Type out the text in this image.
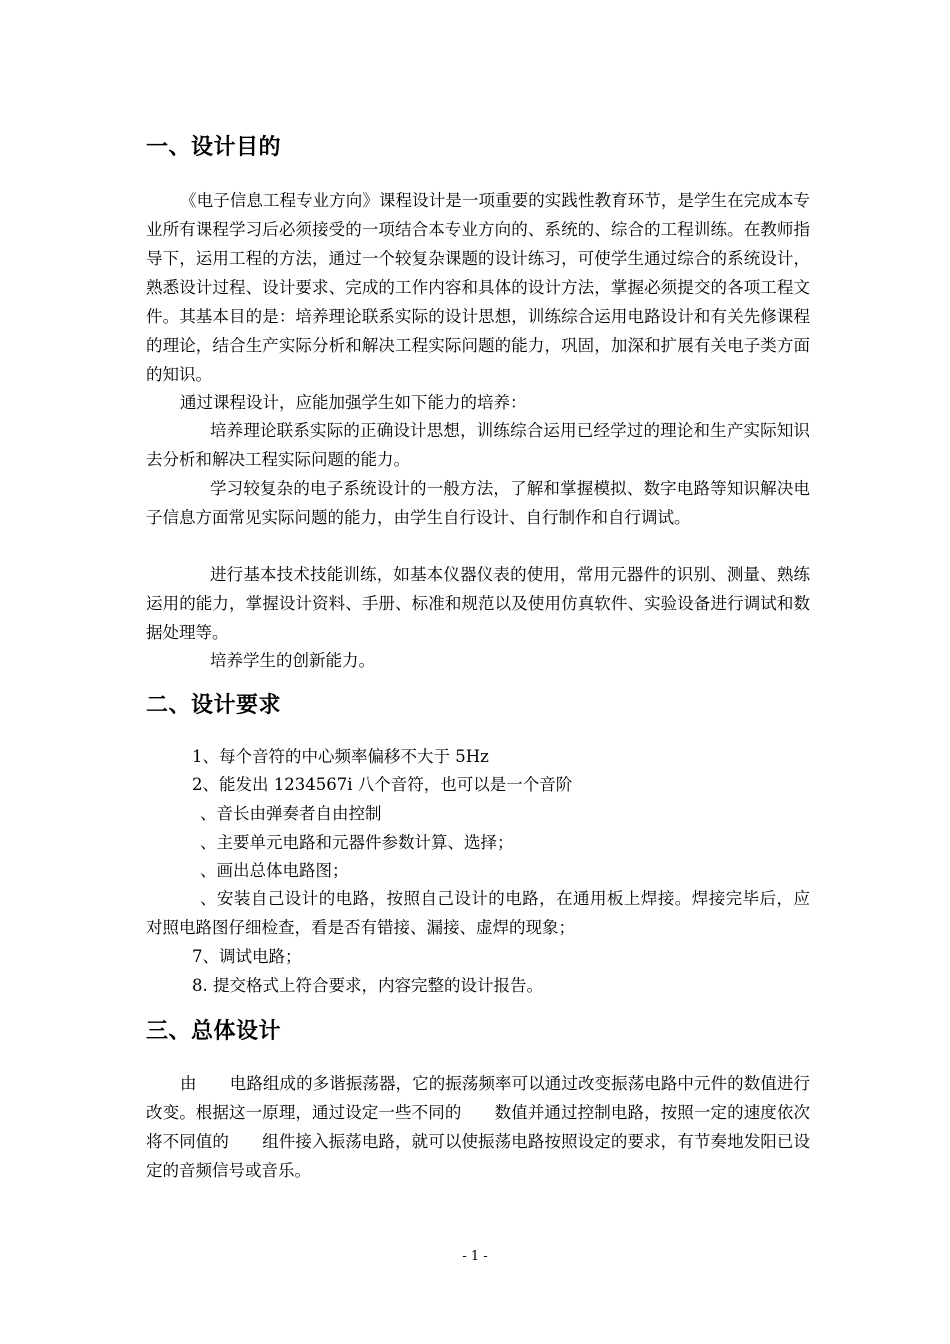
一、设计目的

《电子信息工程专业方向》课程设计是一项重要的实践性教育环节，是学生在完成本专业所有课程学习后必须接受的一项结合本专业方向的、系统的、综合的工程训练。在教师指导下，运用工程的方法，通过一个较复杂课题的设计练习，可使学生通过综合的系统设计，熟悉设计过程、设计要求、完成的工作内容和具体的设计方法，掌握必须提交的各项工程文件。其基本目的是：培养理论联系实际的设计思想，训练综合运用电路设计和有关先修课程的理论，结合生产实际分析和解决工程实际问题的能力，巩固，加深和扩展有关电子类方面的知识。

通过课程设计，应能加强学生如下能力的培养：

培养理论联系实际的正确设计思想，训练综合运用已经学过的理论和生产实际知识去分析和解决工程实际问题的能力。

学习较复杂的电子系统设计的一般方法，了解和掌握模拟、数字电路等知识解决电子信息方面常见实际问题的能力，由学生自行设计、自行制作和自行调试。

进行基本技术技能训练，如基本仪器仪表的使用，常用元器件的识别、测量、熟练运用的能力，掌握设计资料、手册、标准和规范以及使用仿真软件、实验设备进行调试和数据处理等。

培养学生的创新能力。

二、设计要求

1、每个音符的中心频率偏移不大于 5Hz

2、能发出 1234567i 八个音符，也可以是一个音阶

、音长由弹奏者自由控制

、主要单元电路和元器件参数计算、选择；

、画出总体电路图；

、安装自己设计的电路，按照自己设计的电路，在通用板上焊接。焊接完毕后，应对照电路图仔细检查，看是否有错接、漏接、虚焊的现象；

7、调试电路；

8. 提交格式上符合要求，内容完整的设计报告。

三、总体设计

由　　电路组成的多谐振荡器，它的振荡频率可以通过改变振荡电路中元件的数值进行改变。根据这一原理，通过设定一些不同的　　数值并通过控制电路，按照一定的速度依次将不同值的　　组件接入振荡电路，就可以使振荡电路按照设定的要求，有节奏地发阳已设定的音频信号或音乐。

- 1 -
